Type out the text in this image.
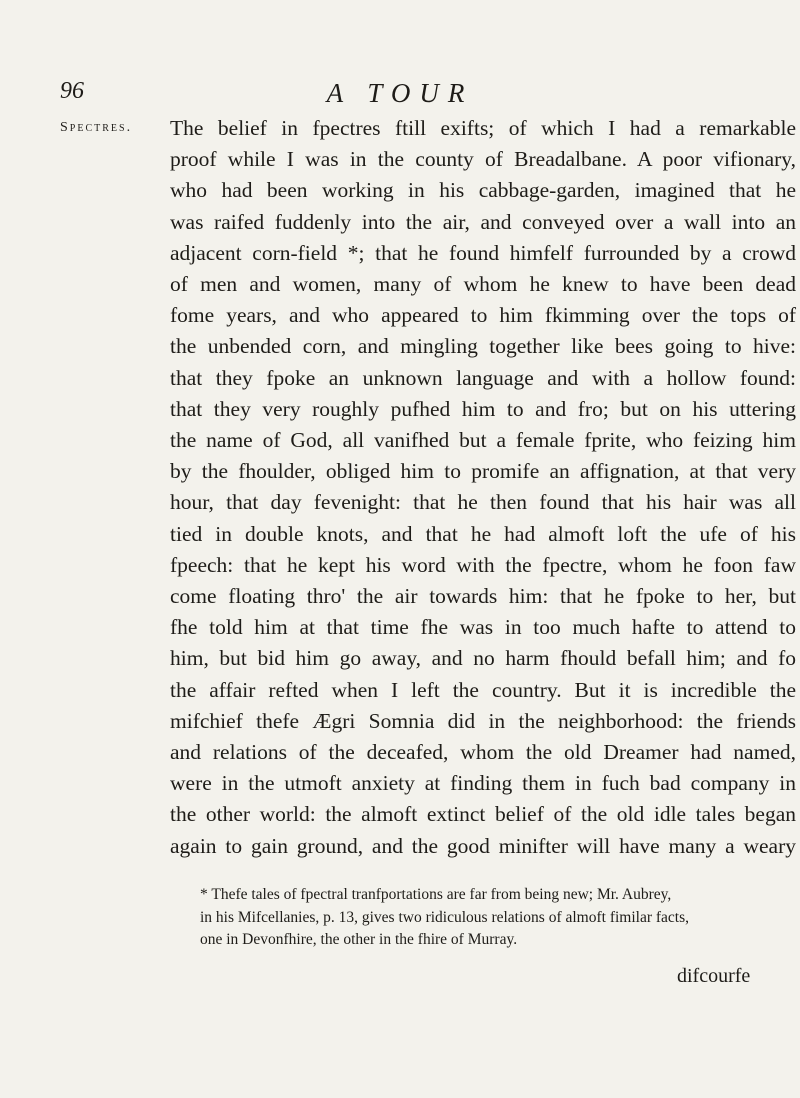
96	A TOUR
Spectres. The belief in fpectres ftill exifts; of which I had a remarkable
proof while I was in the county of Breadalbane. A poor vifionary,
who had been working in his cabbage-garden, imagined that he
was raifed fuddenly into the air, and conveyed over a wall into an
adjacent corn-field *; that he found himfelf furrounded by a crowd
of men and women, many of whom he knew to have been dead
fome years, and who appeared to him fkimming over the tops of
the unbended corn, and mingling together like bees going to hive:
that they fpoke an unknown language and with a hollow found:
that they very roughly pufhed him to and fro; but on his uttering
the name of God, all vanifhed but a female fprite, who feizing him
by the fhoulder, obliged him to promife an affignation, at that very
hour, that day fevenight: that he then found that his hair was all
tied in double knots, and that he had almoft loft the ufe of his
fpeech: that he kept his word with the fpectre, whom he foon faw
come floating thro' the air towards him: that he fpoke to her, but
fhe told him at that time fhe was in too much hafte to attend to
him, but bid him go away, and no harm fhould befall him; and fo
the affair refted when I left the country. But it is incredible the
mifchief thefe Ægri Somnia did in the neighborhood: the friends
and relations of the deceafed, whom the old Dreamer had named,
were in the utmoft anxiety at finding them in fuch bad company in
the other world: the almoft extinct belief of the old idle tales began
again to gain ground, and the good minifter will have many a weary
* Thefe tales of fpectral tranfportations are far from being new; Mr. Aubrey,
in his Mifcellanies, p. 13, gives two ridiculous relations of almoft fimilar facts,
one in Devonfhire, the other in the fhire of Murray.
difcourfe
